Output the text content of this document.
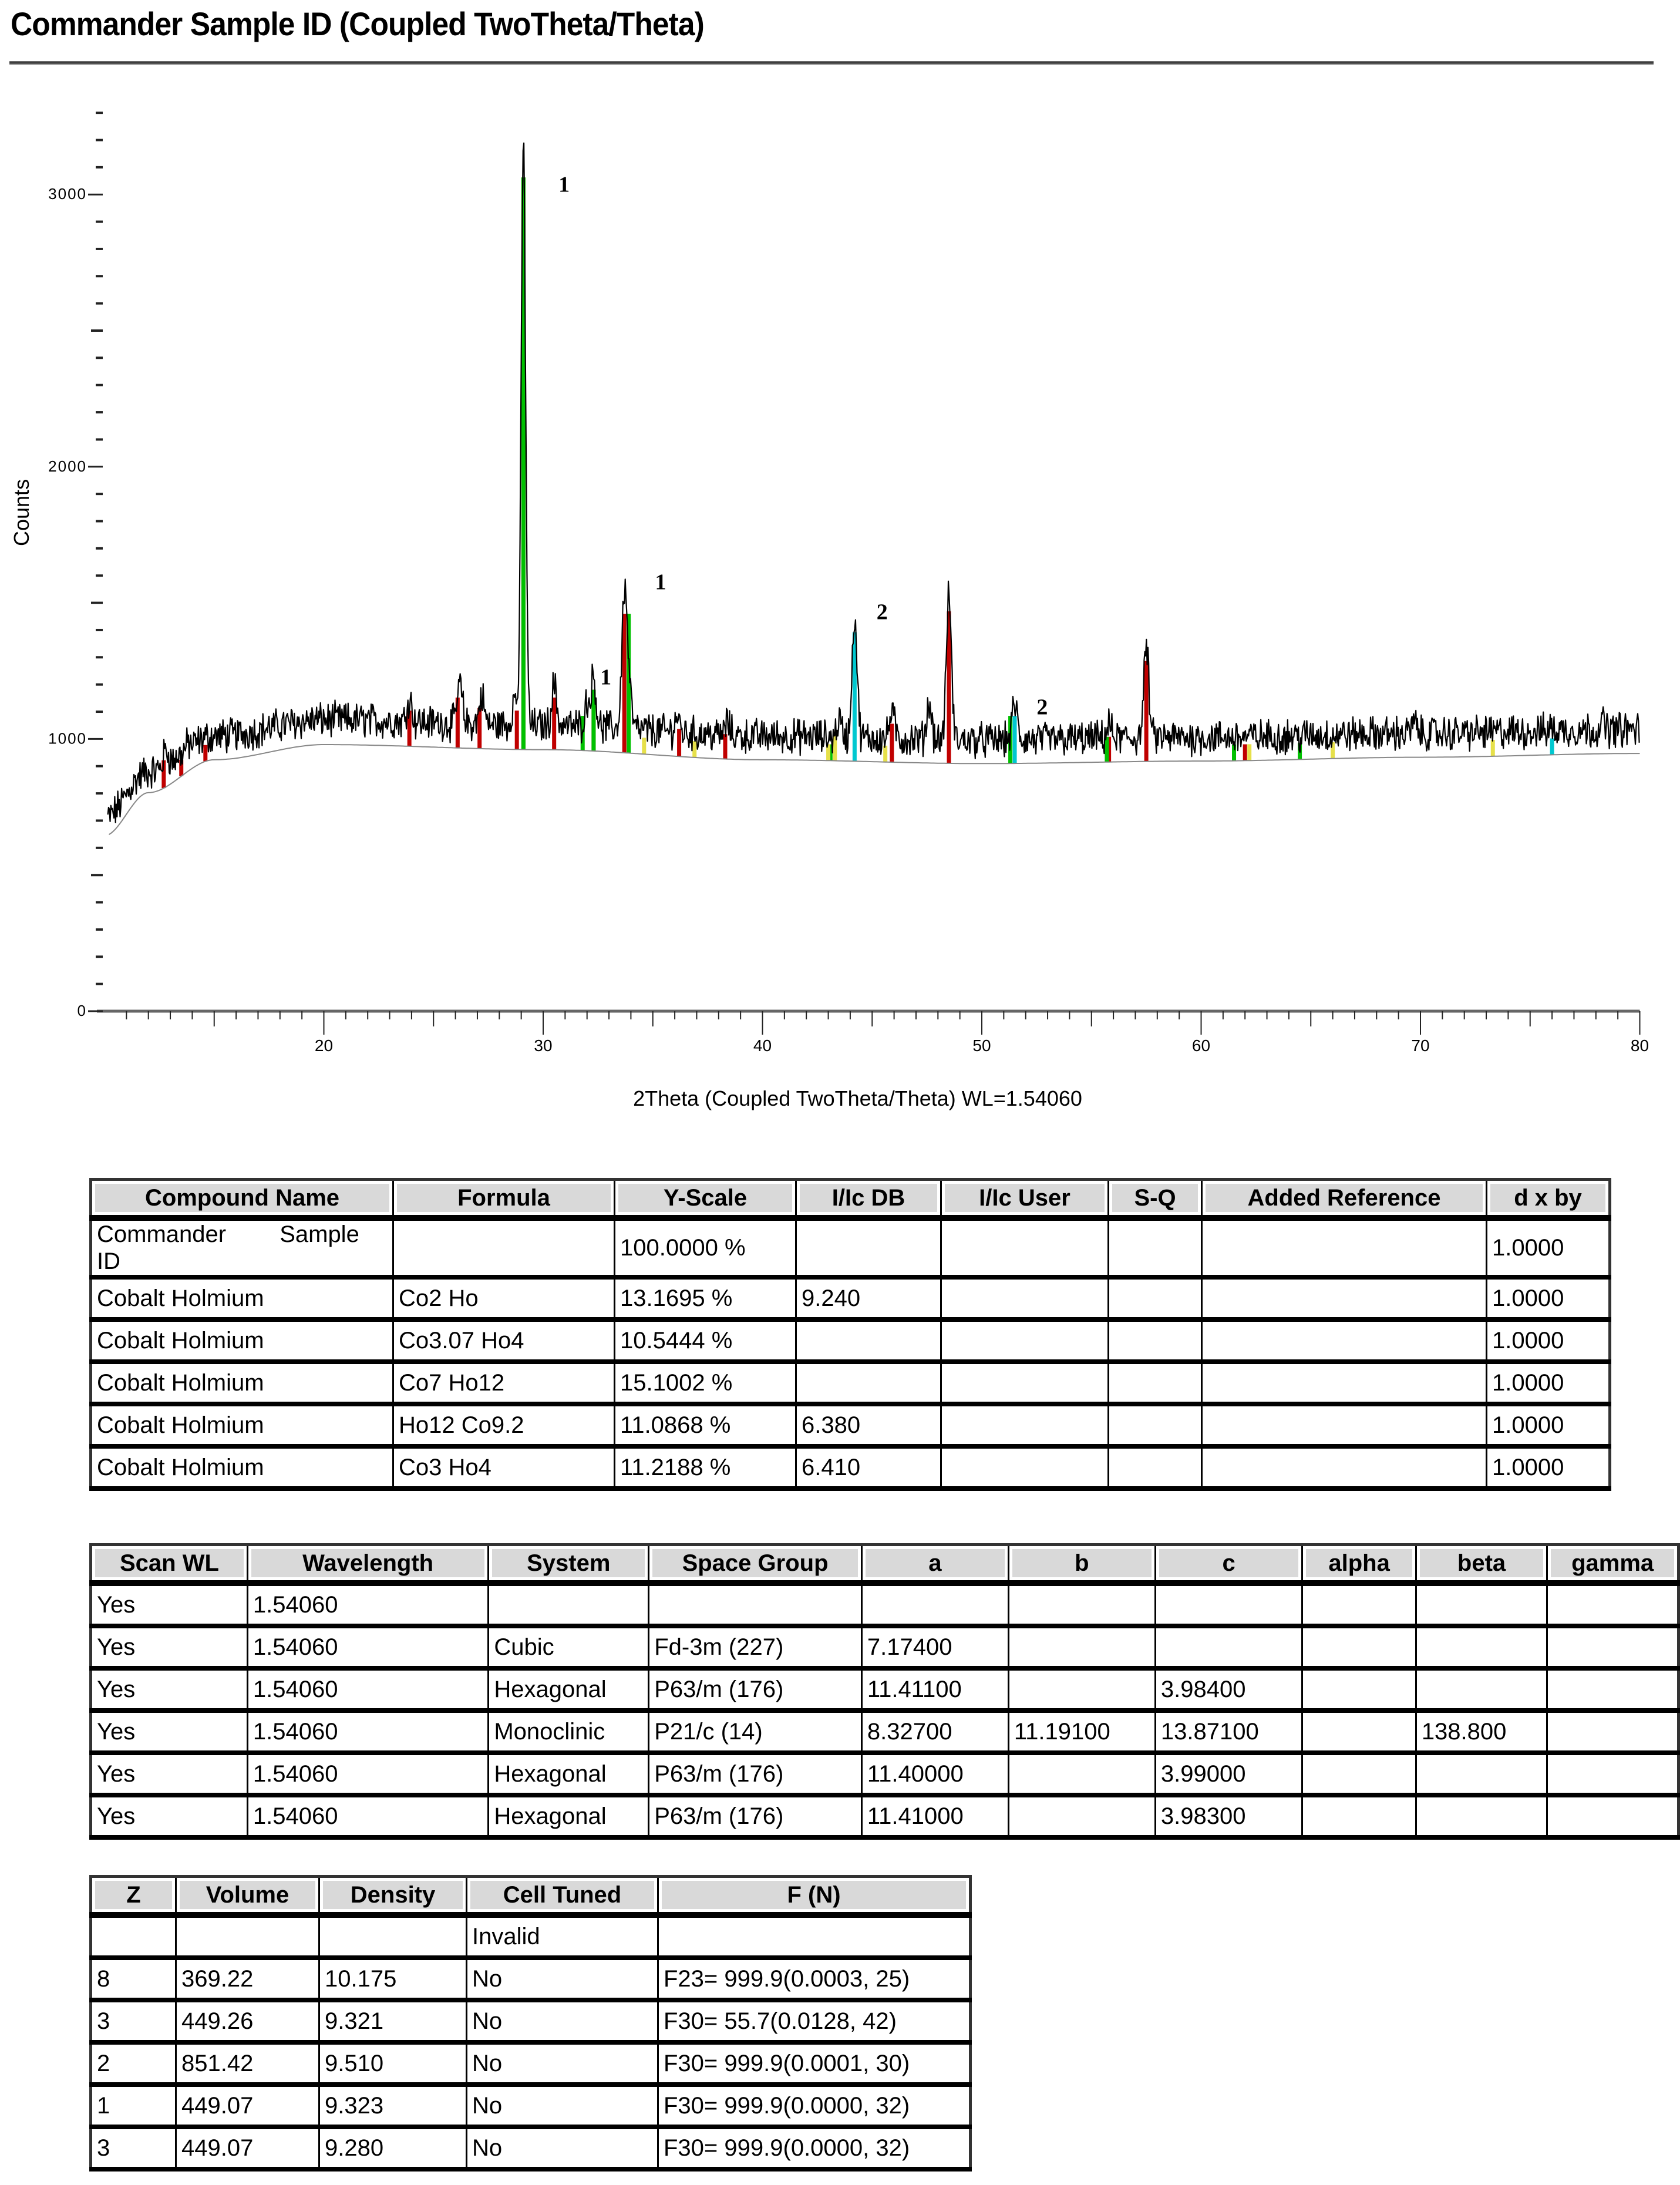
Commander Sample ID (Coupled TwoTheta/Theta)
0
1000
2000
3000
20	30	40	50	60	70	80
1
1
1
2
2
Counts
2Theta (Coupled TwoTheta/Theta) WL=1.54060
Compound Name	Formula	Y-Scale	I/Ic DB	I/Ic User	S-Q	Added Reference	d x by
Commander Sample ID		100.0000 %					1.0000
Cobalt Holmium	Co2 Ho	13.1695 %	9.240				1.0000
Cobalt Holmium	Co3.07 Ho4	10.5444 %					1.0000
Cobalt Holmium	Co7 Ho12	15.1002 %					1.0000
Cobalt Holmium	Ho12 Co9.2	11.0868 %	6.380				1.0000
Cobalt Holmium	Co3 Ho4	11.2188 %	6.410				1.0000
Scan WL	Wavelength	System	Space Group	a	b	c	alpha	beta	gamma
Yes	1.54060								
Yes	1.54060	Cubic	Fd-3m (227)	7.17400					
Yes	1.54060	Hexagonal	P63/m (176)	11.41100		3.98400			
Yes	1.54060	Monoclinic	P21/c (14)	8.32700	11.19100	13.87100		138.800	
Yes	1.54060	Hexagonal	P63/m (176)	11.40000		3.99000			
Yes	1.54060	Hexagonal	P63/m (176)	11.41000		3.98300			
Z	Volume	Density	Cell Tuned	F (N)
			Invalid	
8	369.22	10.175	No	F23= 999.9(0.0003, 25)
3	449.26	9.321	No	F30= 55.7(0.0128, 42)
2	851.42	9.510	No	F30= 999.9(0.0001, 30)
1	449.07	9.323	No	F30= 999.9(0.0000, 32)
3	449.07	9.280	No	F30= 999.9(0.0000, 32)
